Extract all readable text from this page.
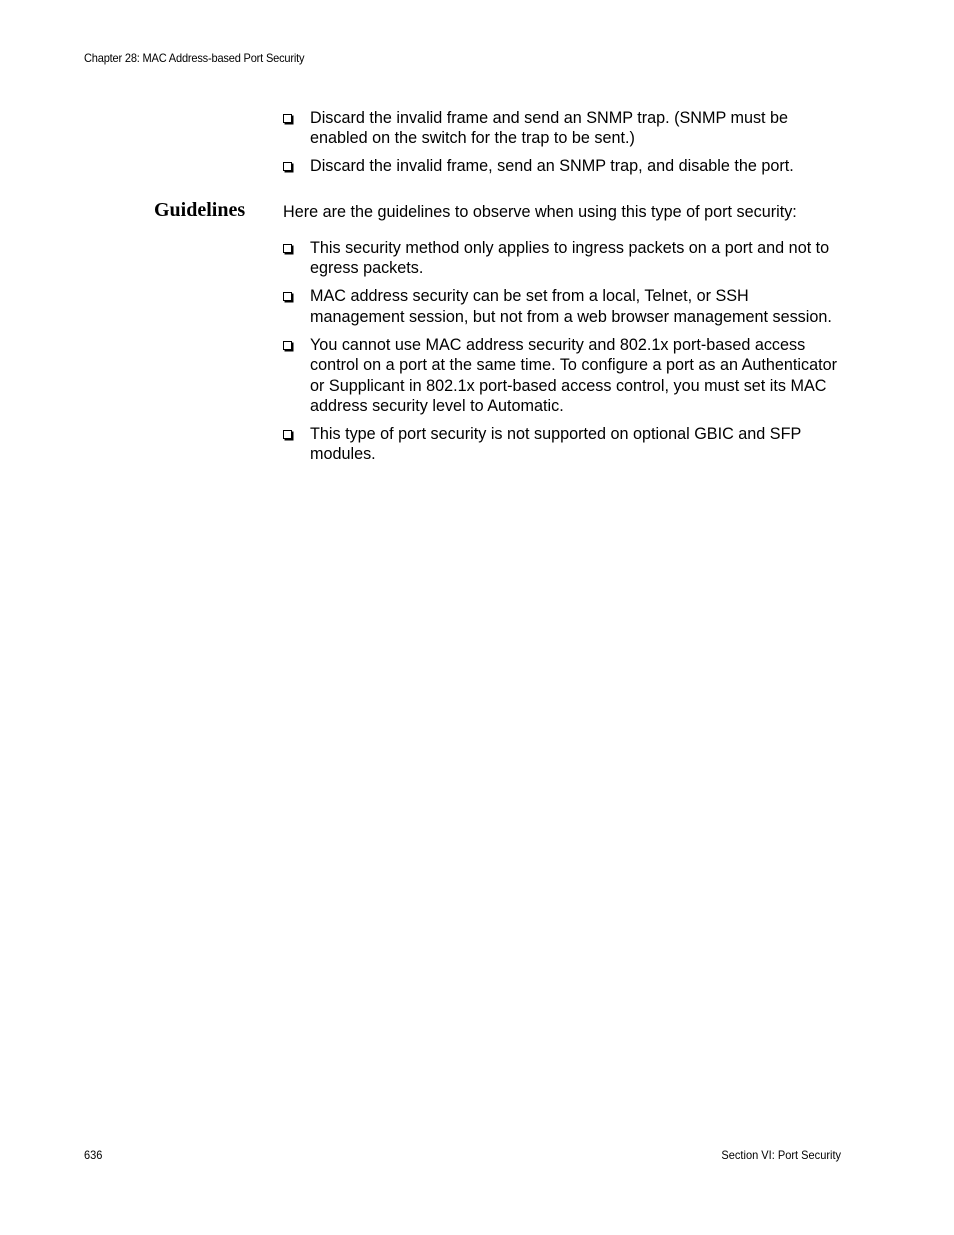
Chapter 28: MAC Address-based Port Security
Discard the invalid frame and send an SNMP trap. (SNMP must be enabled on the switch for the trap to be sent.)
Discard the invalid frame, send an SNMP trap, and disable the port.
Guidelines Here are the guidelines to observe when using this type of port security:

This security method only applies to ingress packets on a port and not to egress packets.
MAC address security can be set from a local, Telnet, or SSH management session, but not from a web browser management session.
You cannot use MAC address security and 802.1x port-based access control on a port at the same time. To configure a port as an Authenticator or Supplicant in 802.1x port-based access control, you must set its MAC address security level to Automatic.
This type of port security is not supported on optional GBIC and SFP modules.
636	Section VI: Port Security
